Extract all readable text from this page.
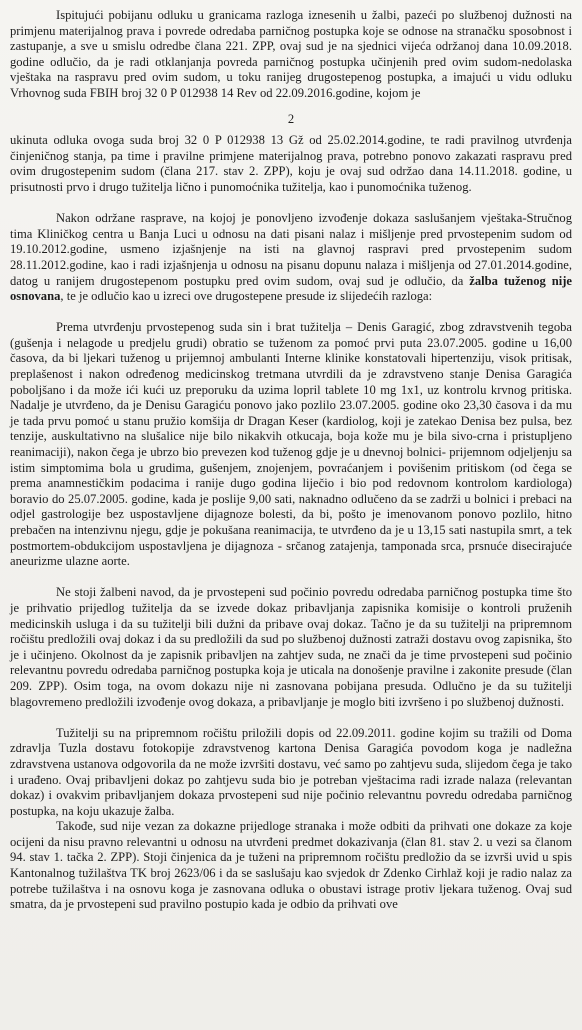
Ispitujući pobijanu odluku u granicama razloga iznesenih u žalbi, pazeći po službenoj dužnosti na primjenu materijalnog prava i povrede odredaba parničnog postupka koje se odnose na stranačku sposobnost i zastupanje, a sve u smislu odredbe člana 221. ZPP, ovaj sud je na sjednici vijeća održanoj dana 10.09.2018. godine odlučio, da je radi otklanjanja povreda parničnog postupka učinjenih pred ovim sudom-nedolaska vještaka na raspravu pred ovim sudom, u toku ranijeg drugostepenog postupka, a imajući u vidu odluku Vrhovnog suda FBIH broj 32 0 P 012938 14 Rev od 22.09.2016.godine, kojom je

2

ukinuta odluka ovoga suda broj 32 0 P 012938 13 Gž od 25.02.2014.godine, te radi pravilnog utvrđenja činjeničnog stanja, pa time i pravilne primjene materijalnog prava, potrebno ponovo zakazati raspravu pred ovim drugostepenim sudom (člana 217. stav 2. ZPP), koju je ovaj sud održao dana 14.11.2018. godine, u prisutnosti prvo i drugo tužitelja lično i punomoćnika tužitelja, kao i punomoćnika tuženog.

Nakon održane rasprave, na kojoj je ponovljeno izvođenje dokaza saslušanjem vještaka-Stručnog tima Kliničkog centra u Banja Luci u odnosu na dati pisani nalaz i mišljenje pred prvostepenim sudom od 19.10.2012.godine, usmeno izjašnjenje na isti na glavnoj raspravi pred prvostepenim sudom 28.11.2012.godine, kao i radi izjašnjenja u odnosu na pisanu dopunu nalaza i mišljenja od 27.01.2014.godine, datog u ranijem drugostepenom postupku pred ovim sudom, ovaj sud je odlučio, da žalba tuženog nije osnovana, te je odlučio kao u izreci ove drugostepene presude iz slijedećih razloga:

Prema utvrđenju prvostepenog suda sin i brat tužitelja – Denis Garagić, zbog zdravstvenih tegoba (gušenja i nelagode u predjelu grudi) obratio se tuženom za pomoć prvi puta 23.07.2005. godine u 16,00 časova, da bi ljekari tuženog u prijemnoj ambulanti Interne klinike konstatovali hipertenziju, visok pritisak, preplašenost i nakon određenog medicinskog tretmana utvrdili da je zdravstveno stanje Denisa Garagića poboljšano i da može ići kući uz preporuku da uzima lopril tablete 10 mg 1x1, uz kontrolu krvnog pritiska. Nadalje je utvrđeno, da je Denisu Garagiću ponovo jako pozlilo 23.07.2005. godine oko 23,30 časova i da mu je tada prvu pomoć u stanu pružio komšija dr Dragan Keser (kardiolog, koji je zatekao Denisa bez pulsa, bez tenzije, auskultativno na slušalice nije bilo nikakvih otkucaja, boja kože mu je bila sivo-crna i pristupljeno reanimaciji), nakon čega je ubrzo bio prevezen kod tuženog gdje je u dnevnoj bolnici- prijemnom odjeljenju sa istim simptomima bola u grudima, gušenjem, znojenjem, povraćanjem i povišenim pritiskom (od čega se prema anamnestičkim podacima i ranije dugo godina liječio i bio pod redovnom kontrolom kardiologa) boravio do 25.07.2005. godine, kada je poslije 9,00 sati, naknadno odlučeno da se zadrži u bolnici i prebaci na odjel gastrologije bez uspostavljene dijagnoze bolesti, da bi, pošto je imenovanom ponovo pozlilo, hitno prebačen na intenzivnu njegu, gdje je pokušana reanimacija, te utvrđeno da je u 13,15 sati nastupila smrt, a tek postmortem-obdukcijom uspostavljena je dijagnoza - srčanog zatajenja, tamponada srca, prsnuće disecirajuće aneurizme ulazne aorte.

Ne stoji žalbeni navod, da je prvostepeni sud počinio povredu odredaba parničnog postupka time što je prihvatio prijedlog tužitelja da se izvede dokaz pribavljanja zapisnika komisije o kontroli pruženih medicinskih usluga i da su tužitelji bili dužni da pribave ovaj dokaz. Tačno je da su tužitelji na pripremnom ročištu predložili ovaj dokaz i da su predložili da sud po službenoj dužnosti zatraži dostavu ovog zapisnika, što je i učinjeno. Okolnost da je zapisnik pribavljen na zahtjev suda, ne znači da je time prvostepeni sud počinio relevantnu povredu odredaba parničnog postupka koja je uticala na donošenje pravilne i zakonite presude (član 209. ZPP). Osim toga, na ovom dokazu nije ni zasnovana pobijana presuda. Odlučno je da su tužitelji blagovremeno predložili izvođenje ovog dokaza, a pribavljanje je moglo biti izvršeno i po službenoj dužnosti.

Tužitelji su na pripremnom ročištu priložili dopis od 22.09.2011. godine kojim su tražili od Doma zdravlja Tuzla dostavu fotokopije zdravstvenog kartona Denisa Garagića povodom koga je nadležna zdravstvena ustanova odgovorila da ne može izvršiti dostavu, već samo po zahtjevu suda, slijedom čega je tako i urađeno. Ovaj pribavljeni dokaz po zahtjevu suda bio je potreban vještacima radi izrade nalaza (relevantan dokaz) i ovakvim pribavljanjem dokaza prvostepeni sud nije počinio relevantnu povredu odredaba parničnog postupka, na koju ukazuje žalba.

Takođe, sud nije vezan za dokazne prijedloge stranaka i može odbiti da prihvati one dokaze za koje ocijeni da nisu pravno relevantni u odnosu na utvrđeni predmet dokazivanja (član 81. stav 2. u vezi sa članom 94. stav 1. tačka 2. ZPP). Stoji činjenica da je tuženi na pripremnom ročištu predložio da se izvrši uvid u spis Kantonalnog tužilaštva TK broj 2623/06 i da se saslušaju kao svjedok dr Zdenko Cirhlaž koji je radio nalaz za potrebe tužilaštva i na osnovu koga je zasnovana odluka o obustavi istrage protiv ljekara tuženog. Ovaj sud smatra, da je prvostepeni sud pravilno postupio kada je odbio da prihvati ove
